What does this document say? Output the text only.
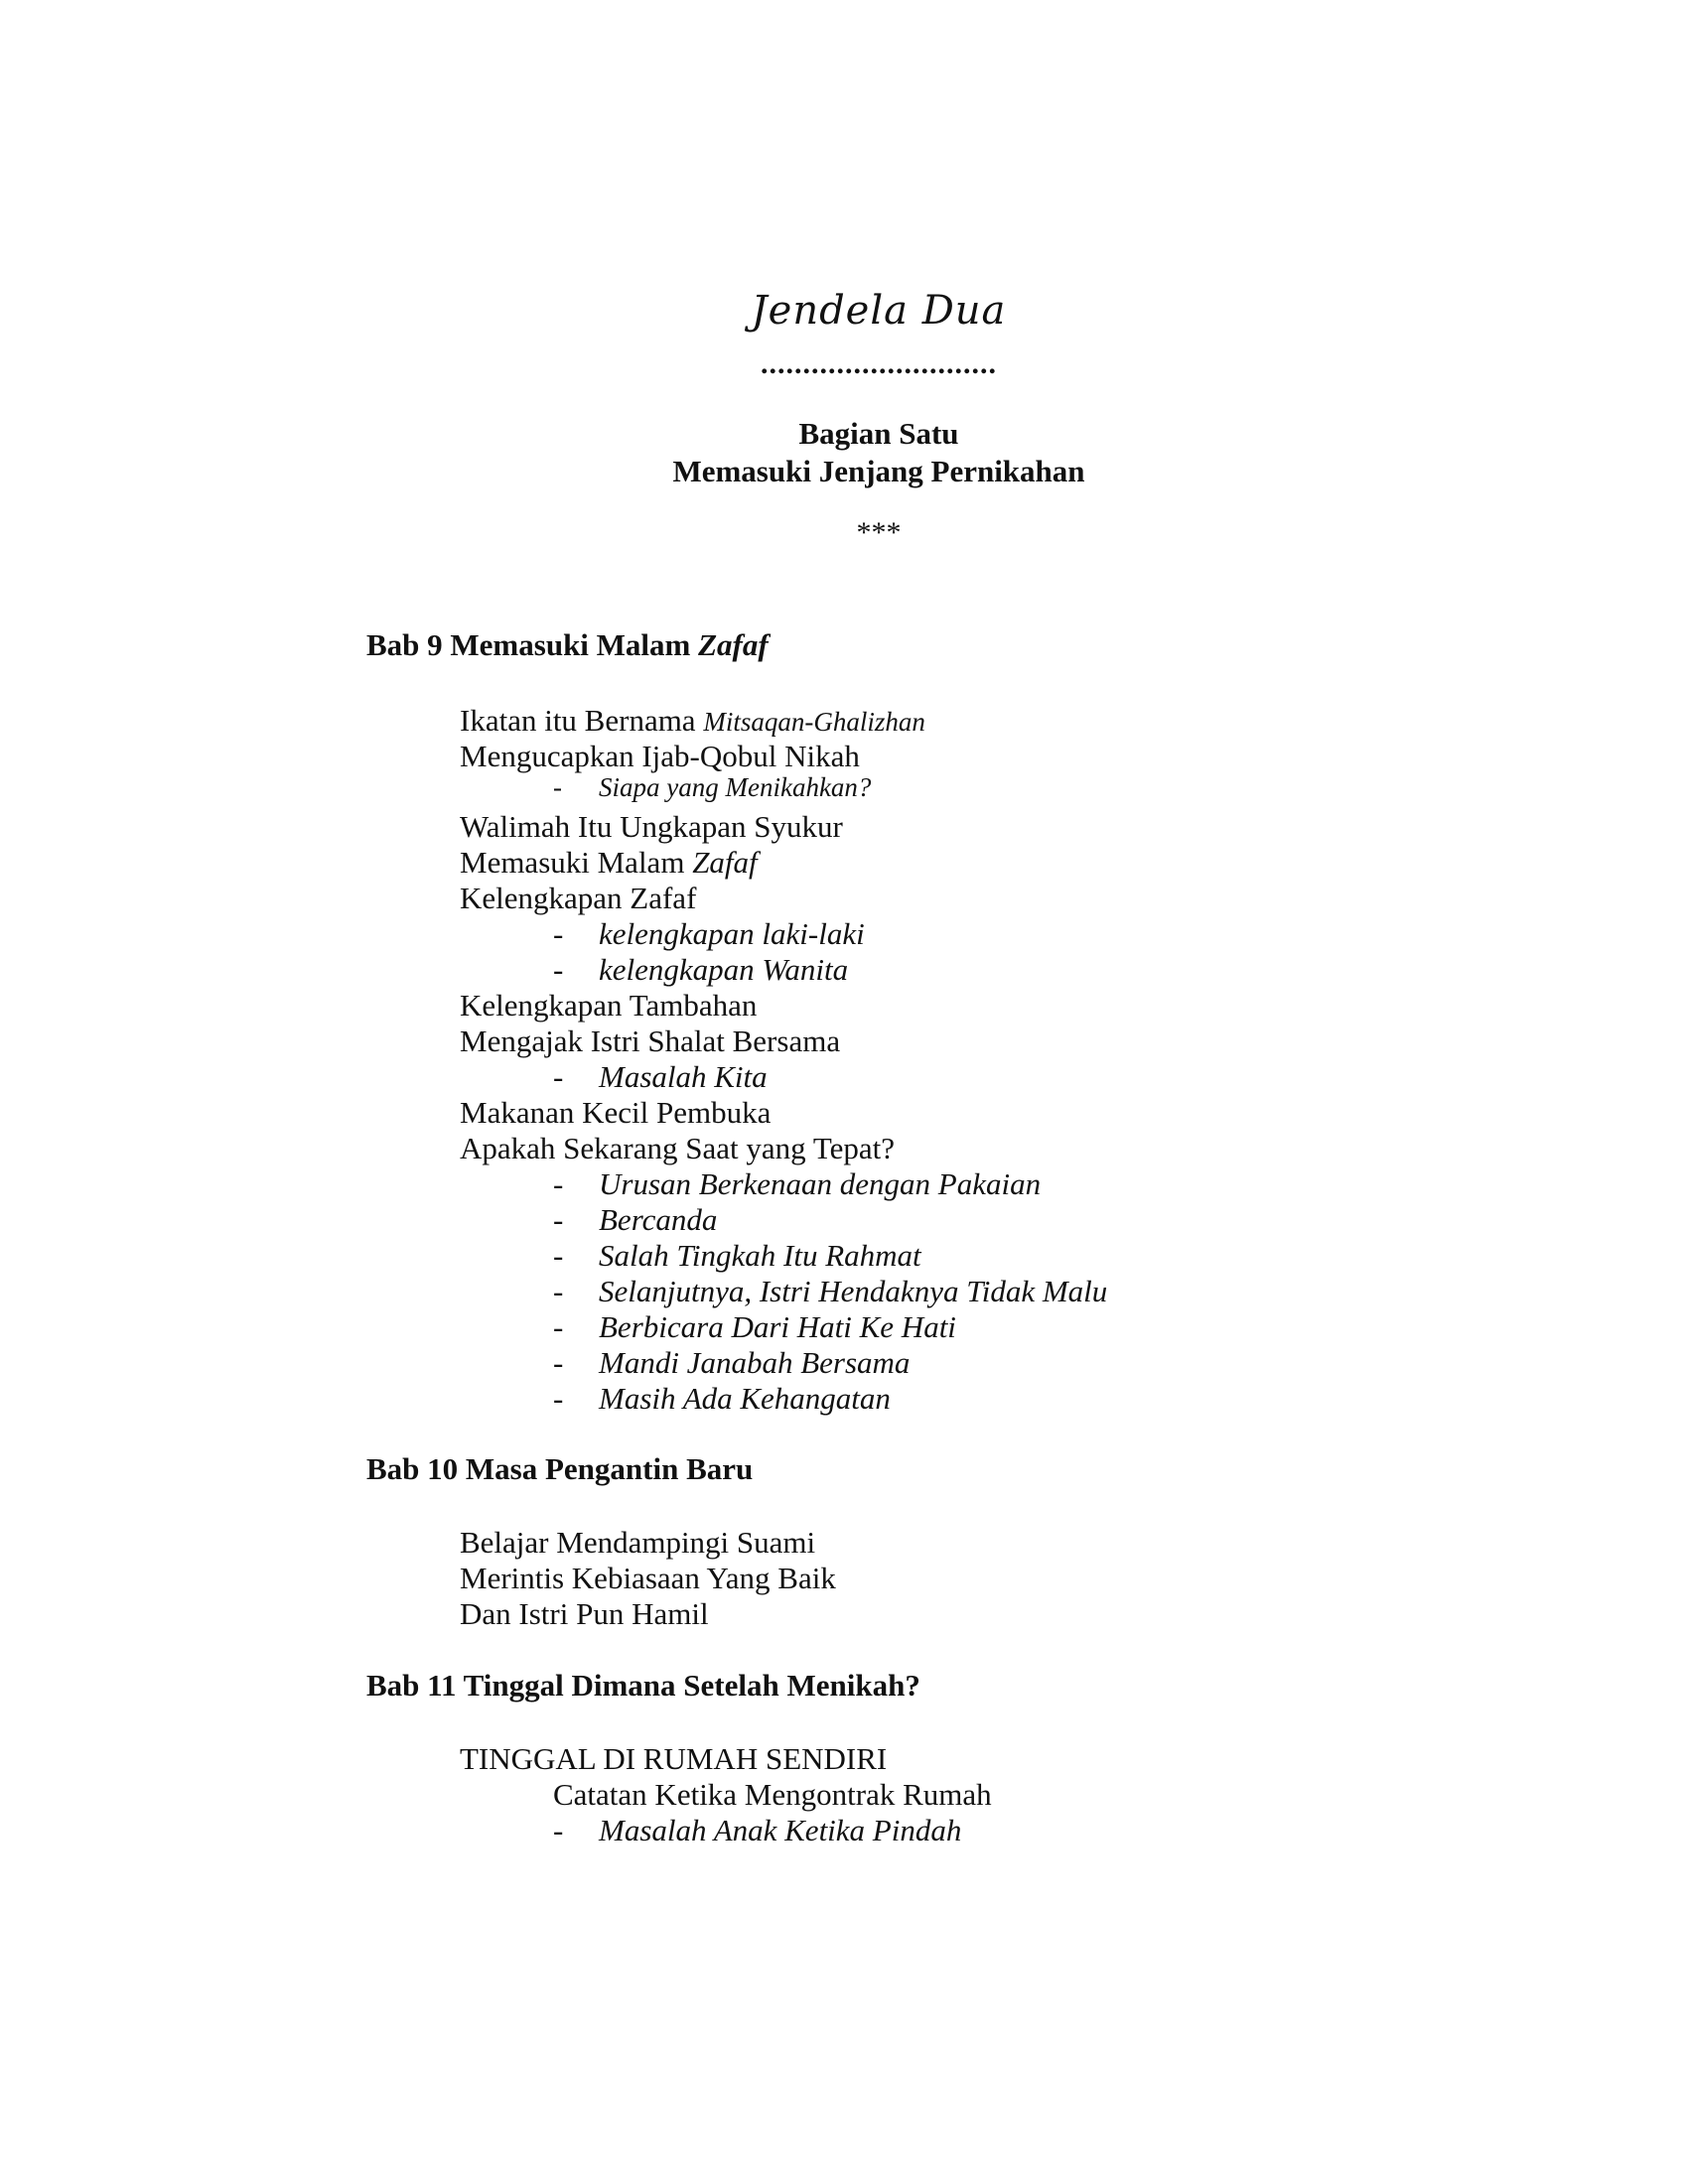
Jendela Dua
............................
Bagian Satu
Memasuki Jenjang Pernikahan
***
Bab 9 Memasuki Malam Zafaf
Ikatan itu Bernama Mitsaqan-Ghalizhan
Mengucapkan Ijab-Qobul Nikah
- Siapa yang Menikahkan?
Walimah Itu Ungkapan Syukur
Memasuki Malam Zafaf
Kelengkapan Zafaf
- kelengkapan laki-laki
- kelengkapan Wanita
Kelengkapan Tambahan
Mengajak Istri Shalat Bersama
- Masalah Kita
Makanan Kecil Pembuka
Apakah Sekarang Saat yang Tepat?
- Urusan Berkenaan dengan Pakaian
- Bercanda
- Salah Tingkah Itu Rahmat
- Selanjutnya, Istri Hendaknya Tidak Malu
- Berbicara Dari Hati Ke Hati
- Mandi Janabah Bersama
- Masih Ada Kehangatan
Bab 10 Masa Pengantin Baru
Belajar Mendampingi Suami
Merintis Kebiasaan Yang Baik
Dan Istri Pun Hamil
Bab 11 Tinggal Dimana Setelah Menikah?
TINGGAL DI RUMAH SENDIRI
Catatan Ketika Mengontrak Rumah
- Masalah Anak Ketika Pindah
